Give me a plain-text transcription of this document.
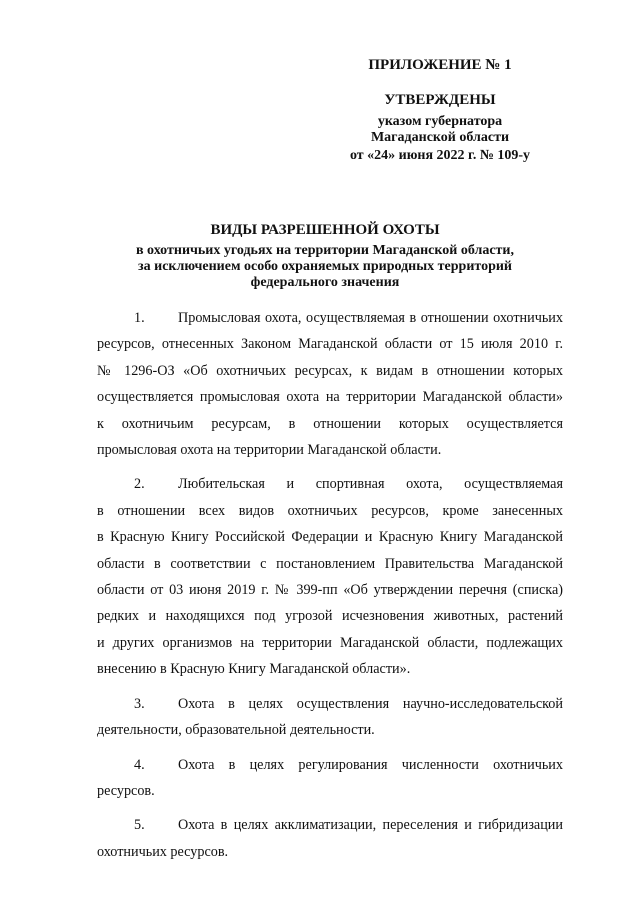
ПРИЛОЖЕНИЕ № 1
УТВЕРЖДЕНЫ
указом губернатора
Магаданской области
от «24» июня 2022 г. № 109-у
ВИДЫ РАЗРЕШЕННОЙ ОХОТЫ
в охотничьих угодьях на территории Магаданской области,
за исключением особо охраняемых природных территорий
федерального значения
1. Промысловая охота, осуществляемая в отношении охотничьих
ресурсов, отнесенных Законом Магаданской области от 15 июля 2010 г.
№ 1296-ОЗ «Об охотничьих ресурсах, к видам в отношении которых
осуществляется промысловая охота на территории Магаданской области»
к охотничьим ресурсам, в отношении которых осуществляется
промысловая охота на территории Магаданской области.
2. Любительская и спортивная охота, осуществляемая
в отношении всех видов охотничьих ресурсов, кроме занесенных
в Красную Книгу Российской Федерации и Красную Книгу Магаданской
области в соответствии с постановлением Правительства Магаданской
области от 03 июня 2019 г. № 399-пп «Об утверждении перечня (списка)
редких и находящихся под угрозой исчезновения животных, растений
и других организмов на территории Магаданской области, подлежащих
внесению в Красную Книгу Магаданской области».
3. Охота в целях осуществления научно-исследовательской
деятельности, образовательной деятельности.
4. Охота в целях регулирования численности охотничьих
ресурсов.
5. Охота в целях акклиматизации, переселения и гибридизации
охотничьих ресурсов.
